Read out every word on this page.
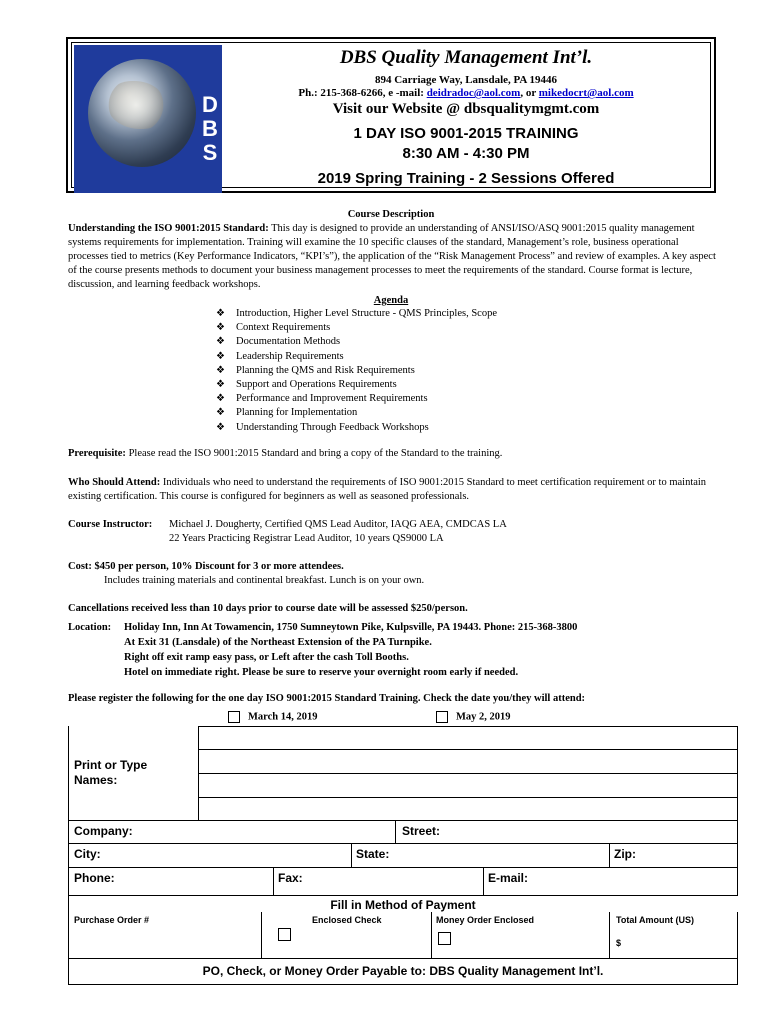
D
B
S
DBS Quality Management Int’l.
894 Carriage Way, Lansdale, PA 19446
Ph.: 215-368-6266, e -mail: deidradoc@aol.com, or mikedocrt@aol.com
Visit our Website @ dbsqualitymgmt.com
1 DAY ISO 9001-2015 TRAINING
8:30 AM - 4:30 PM
2019 Spring Training - 2 Sessions Offered
Course Description
Understanding the ISO 9001:2015 Standard: This day is designed to provide an understanding of ANSI/ISO/ASQ 9001:2015 quality management systems requirements for implementation. Training will examine the 10 specific clauses of the standard, Management’s role, business operational processes tied to metrics (Key Performance Indicators, “KPI’s”), the application of the “Risk Management Process” and review of examples. A key aspect of the course presents methods to document your business management processes to meet the requirements of the standard. Course format is lecture, discussion, and learning feedback workshops.
Agenda
❖ Introduction, Higher Level Structure - QMS Principles, Scope
❖ Context Requirements
❖ Documentation Methods
❖ Leadership Requirements
❖ Planning the QMS and Risk Requirements
❖ Support and Operations Requirements
❖ Performance and Improvement Requirements
❖ Planning for Implementation
❖ Understanding Through Feedback Workshops
Prerequisite: Please read the ISO 9001:2015 Standard and bring a copy of the Standard to the training.
Who Should Attend: Individuals who need to understand the requirements of ISO 9001:2015 Standard to meet certification requirement or to maintain existing certification. This course is configured for beginners as well as seasoned professionals.
Course Instructor: Michael J. Dougherty, Certified QMS Lead Auditor, IAQG AEA, CMDCAS LA
22 Years Practicing Registrar Lead Auditor, 10 years QS9000 LA
Cost: $450 per person, 10% Discount for 3 or more attendees.
Includes training materials and continental breakfast. Lunch is on your own.
Cancellations received less than 10 days prior to course date will be assessed $250/person.
Location: Holiday Inn, Inn At Towamencin, 1750 Sumneytown Pike, Kulpsville, PA 19443. Phone: 215-368-3800
At Exit 31 (Lansdale) of the Northeast Extension of the PA Turnpike.
Right off exit ramp easy pass, or Left after the cash Toll Booths.
Hotel on immediate right. Please be sure to reserve your overnight room early if needed.
Please register the following for the one day ISO 9001:2015 Standard Training. Check the date you/they will attend:
March 14, 2019	May 2, 2019
Print or Type Names:
Company:	Street:
City:	State:	Zip:
Phone:	Fax:	E-mail:
Fill in Method of Payment
Purchase Order #	Enclosed Check	Money Order Enclosed	Total Amount (US)
$
PO, Check, or Money Order Payable to: DBS Quality Management Int’l.
